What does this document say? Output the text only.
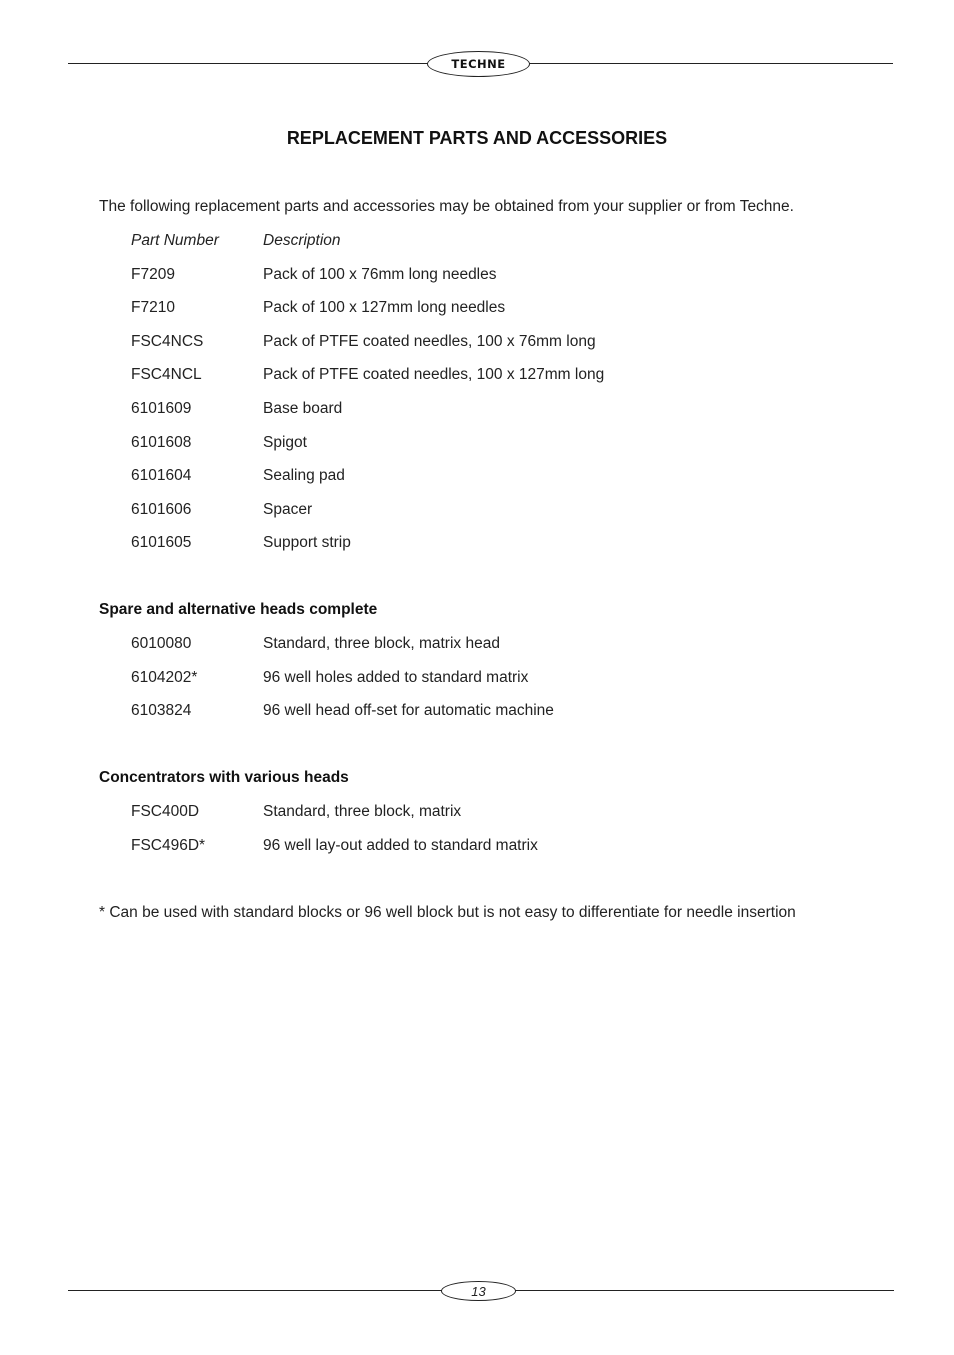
TECHNE
REPLACEMENT PARTS AND ACCESSORIES
The following replacement parts and accessories may be obtained from your supplier or from Techne.
Part Number	Description
F7209	Pack of 100 x 76mm long needles
F7210	Pack of 100 x 127mm long needles
FSC4NCS	Pack of PTFE coated needles, 100 x 76mm long
FSC4NCL	Pack of PTFE coated needles, 100 x 127mm long
6101609	Base board
6101608	Spigot
6101604	Sealing pad
6101606	Spacer
6101605	Support strip
Spare and alternative heads complete
6010080	Standard, three block, matrix head
6104202*	96 well holes added to standard matrix
6103824	96 well head off-set for automatic machine
Concentrators with various heads
FSC400D	Standard, three block, matrix
FSC496D*	96 well lay-out added to standard matrix
* Can be used with standard blocks or 96 well block but is not easy to differentiate for needle insertion
13
